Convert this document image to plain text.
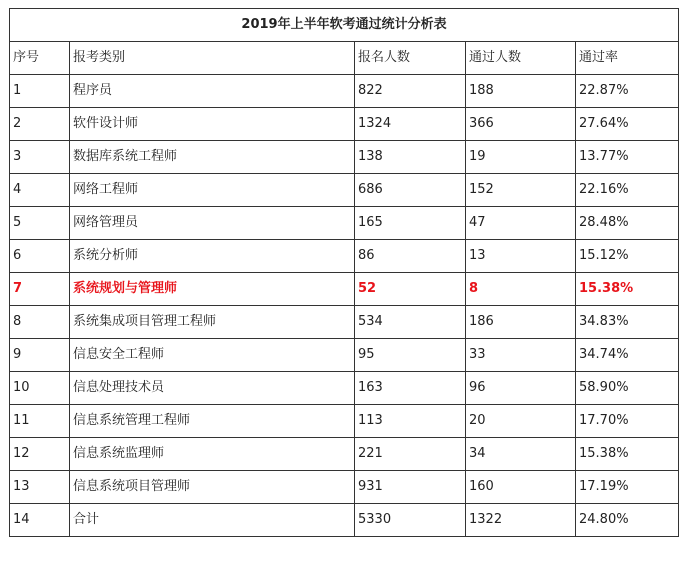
2019年上半年软考通过统计分析表				
序号	报考类别	报名人数	通过人数	通过率
1	程序员	822	188	22.87%
2	软件设计师	1324	366	27.64%
3	数据库系统工程师	138	19	13.77%
4	网络工程师	686	152	22.16%
5	网络管理员	165	47	28.48%
6	系统分析师	86	13	15.12%
7	系统规划与管理师	52	8	15.38%
8	系统集成项目管理工程师	534	186	34.83%
9	信息安全工程师	95	33	34.74%
10	信息处理技术员	163	96	58.90%
11	信息系统管理工程师	113	20	17.70%
12	信息系统监理师	221	34	15.38%
13	信息系统项目管理师	931	160	17.19%
14	合计	5330	1322	24.80%
